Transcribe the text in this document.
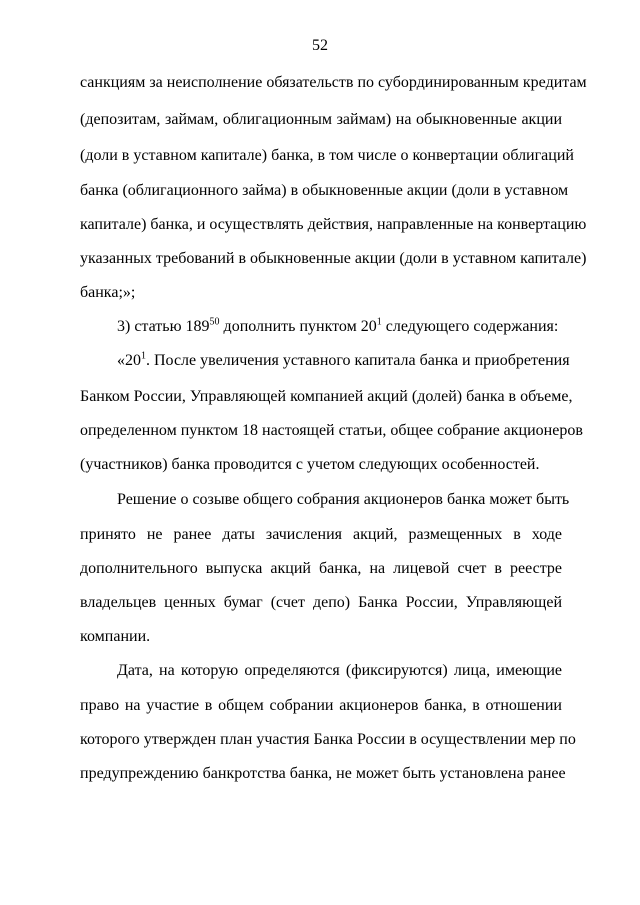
52
санкциям за неисполнение обязательств по субординированным кредитам
(депозитам, займам, облигационным займам) на обыкновенные акции
(доли в уставном капитале) банка, в том числе о конвертации облигаций
банка (облигационного займа) в обыкновенные акции (доли в уставном
капитале) банка, и осуществлять действия, направленные на конвертацию
указанных требований в обыкновенные акции (доли в уставном капитале)
банка;»;
3) статью $189^{50}$ дополнить пунктом $20^1$ следующего содержания:
«$20^1$. После увеличения уставного капитала банка и приобретения
Банком России, Управляющей компанией акций (долей) банка в объеме,
определенном пунктом 18 настоящей статьи, общее собрание акционеров
(участников) банка проводится с учетом следующих особенностей.
Решение о созыве общего собрания акционеров банка может быть
принято не ранее даты зачисления акций, размещенных в ходе
дополнительного выпуска акций банка, на лицевой счет в реестре
владельцев ценных бумаг (счет депо) Банка России, Управляющей
компании.
Дата, на которую определяются (фиксируются) лица, имеющие
право на участие в общем собрании акционеров банка, в отношении
которого утвержден план участия Банка России в осуществлении мер по
предупреждению банкротства банка, не может быть установлена ранее
